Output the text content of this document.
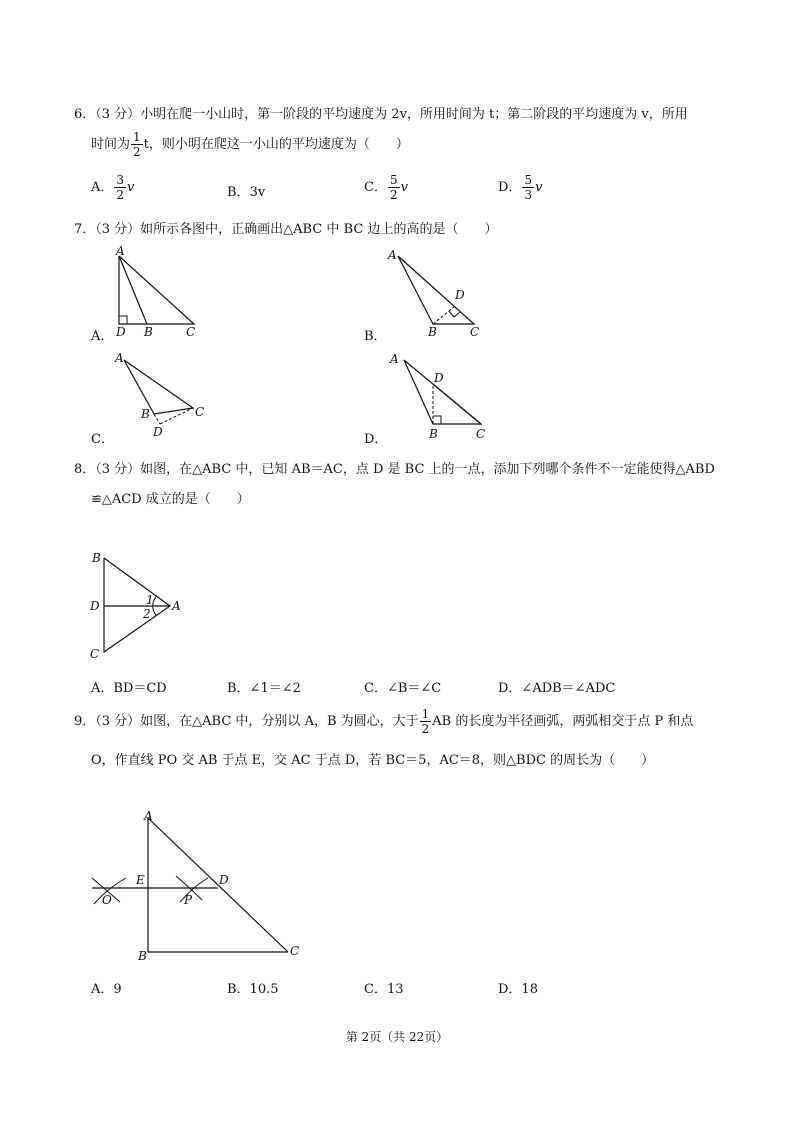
6．（3 分）小明在爬一小山时，第一阶段的平均速度为 2v，所用时间为 t；第二阶段的平均速度为 v，所用
时间为 $\frac{1}{2}$ t，则小明在爬这一小山的平均速度为（　　）
A． $\frac{3}{2}$ v	B．3v	C． $\frac{5}{2}$ v	D． $\frac{5}{3}$ v
7．（3 分）如所示各图中，正确画出△ABC 中 BC 边上的高的是（　　）
A．
A
D B	C	B．
A
D
B	C
C．
A
B	C
D	D．
A
D
B	C
8．（3 分）如图，在△ABC 中，已知 AB＝AC，点 D 是 BC 上的一点，添加下列哪个条件不一定能使得△ABD
≌△ACD 成立的是（　　）
B
D	1
2
A
C
A．BD＝CD	B．∠1＝∠2	C．∠B＝∠C	D．∠ADB＝∠ADC
9．（3 分）如图，在△ABC 中，分别以 A，B 为圆心，大于 $\frac{1}{2}$ AB 的长度为半径画弧，两弧相交于点 P 和点
O，作直线 PO 交 AB 于点 E，交 AC 于点 D，若 BC＝5，AC＝8，则△BDC 的周长为（　　）
A
E	D
O	P
B	C
A．9	B．10.5	C．13	D．18
第 2页（共 22页）
